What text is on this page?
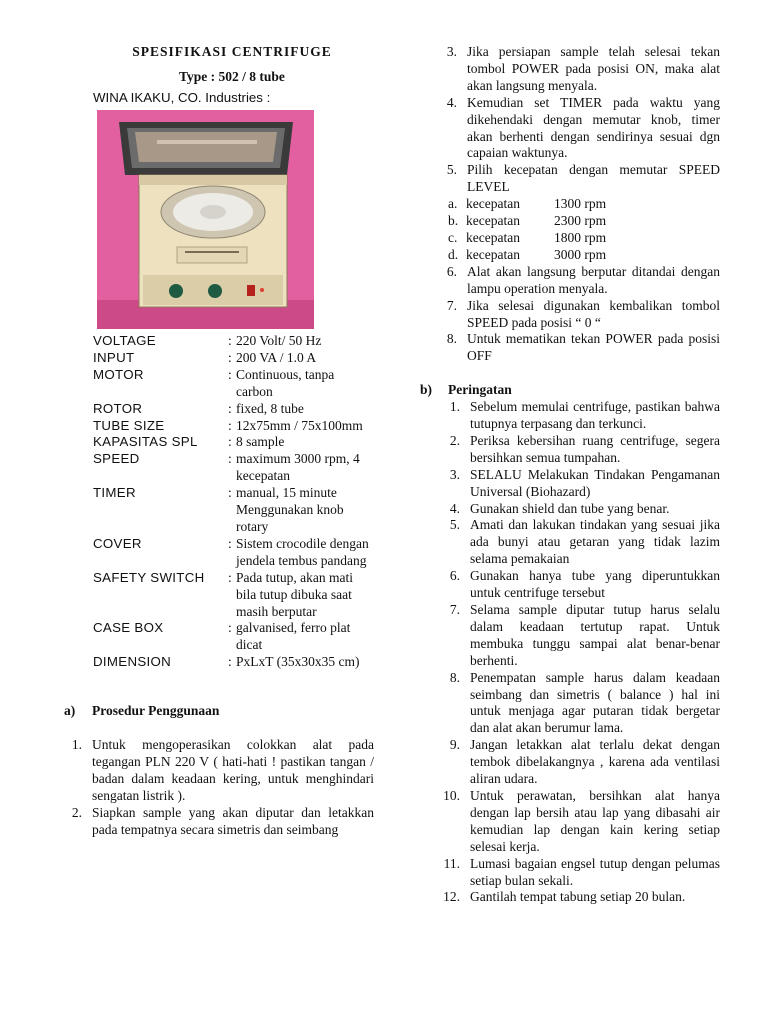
SPESIFIKASI CENTRIFUGE
Type : 502 / 8 tube
WINA IKAKU, CO. Industries :
VOLTAGE	: 220 Volt/ 50 Hz
INPUT	: 200 VA / 1.0 A
MOTOR	: Continuous, tanpa carbon
ROTOR	: fixed, 8 tube
TUBE SIZE	: 12x75mm / 75x100mm
KAPASITAS SPL	: 8 sample
SPEED	: maximum 3000 rpm, 4 kecepatan
TIMER	: manual, 15 minute Menggunakan knob rotary
COVER	: Sistem crocodile dengan jendela tembus pandang
SAFETY SWITCH	: Pada tutup, akan mati bila tutup dibuka saat masih berputar
CASE BOX	: galvanised, ferro plat dicat
DIMENSION	: PxLxT (35x30x35 cm)
a)	Prosedur Penggunaan
1. Untuk mengoperasikan colokkan alat pada tegangan PLN 220 V ( hati-hati ! pastikan tangan / badan dalam keadaan kering, untuk menghindari sengatan listrik ).
2. Siapkan sample yang akan diputar dan letakkan pada tempatnya secara simetris dan seimbang
3. Jika persiapan sample telah selesai tekan tombol POWER pada posisi ON, maka alat akan langsung menyala.
4. Kemudian set TIMER pada waktu yang dikehendaki dengan memutar knob, timer akan berhenti dengan sendirinya sesuai dgn capaian waktunya.
5. Pilih kecepatan dengan memutar SPEED LEVEL
a. kecepatan	1300 rpm
b. kecepatan	2300 rpm
c. kecepatan	1800 rpm
d. kecepatan	3000 rpm
6. Alat akan langsung berputar ditandai dengan lampu operation menyala.
7. Jika selesai digunakan kembalikan tombol SPEED pada posisi “ 0 “
8. Untuk mematikan tekan POWER pada posisi OFF
b)	Peringatan
1. Sebelum memulai centrifuge, pastikan bahwa tutupnya terpasang dan terkunci.
2. Periksa kebersihan ruang centrifuge, segera bersihkan semua tumpahan.
3. SELALU Melakukan Tindakan Pengamanan Universal (Biohazard)
4. Gunakan shield dan tube yang benar.
5. Amati dan lakukan tindakan yang sesuai jika ada bunyi atau getaran yang tidak lazim selama pemakaian
6. Gunakan hanya tube yang diperuntukkan untuk centrifuge tersebut
7. Selama sample diputar tutup harus selalu dalam keadaan tertutup rapat. Untuk membuka tunggu sampai alat benar-benar berhenti.
8. Penempatan sample harus dalam keadaan seimbang dan simetris ( balance ) hal ini untuk menjaga agar putaran tidak bergetar dan alat akan berumur lama.
9. Jangan letakkan alat terlalu dekat dengan tembok dibelakangnya , karena ada ventilasi aliran udara.
10. Untuk perawatan, bersihkan alat hanya dengan lap bersih atau lap yang dibasahi air kemudian lap dengan kain kering setiap selesai kerja.
11. Lumasi bagaian engsel tutup dengan pelumas setiap bulan sekali.
12. Gantilah tempat tabung setiap 20 bulan.
